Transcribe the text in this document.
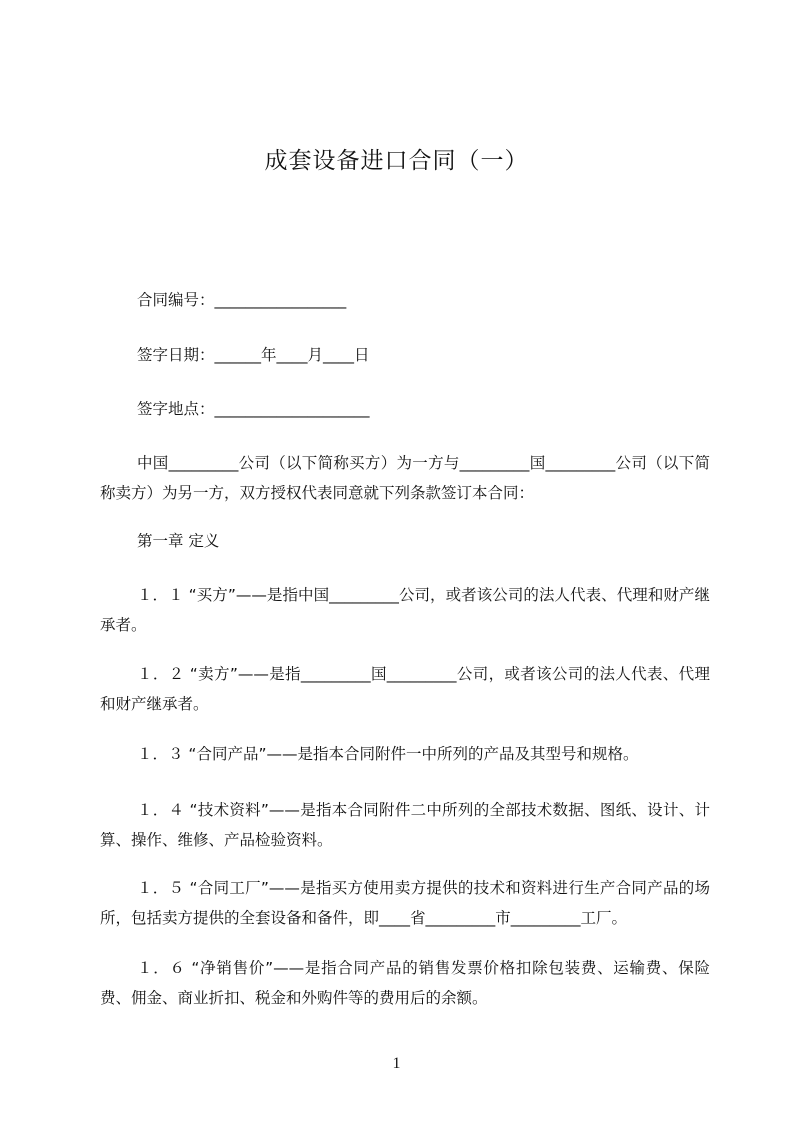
成套设备进口合同（一）

合同编号：_________________

签字日期：______年____月____日

签字地点：____________________

中国_________公司（以下简称买方）为一方与_________国_________公司（以下简称卖方）为另一方，双方授权代表同意就下列条款签订本合同：

第一章 定义

１．１ “买方”——是指中国_________公司，或者该公司的法人代表、代理和财产继承者。

１．２ “卖方”——是指_________国_________公司，或者该公司的法人代表、代理和财产继承者。

１．３ “合同产品”——是指本合同附件一中所列的产品及其型号和规格。

１．４ “技术资料”——是指本合同附件二中所列的全部技术数据、图纸、设计、计算、操作、维修、产品检验资料。

１．５ “合同工厂”——是指买方使用卖方提供的技术和资料进行生产合同产品的场所，包括卖方提供的全套设备和备件，即____省_________市_________工厂。

１．６ “净销售价”——是指合同产品的销售发票价格扣除包装费、运输费、保险费、佣金、商业折扣、税金和外购件等的费用后的余额。

1
